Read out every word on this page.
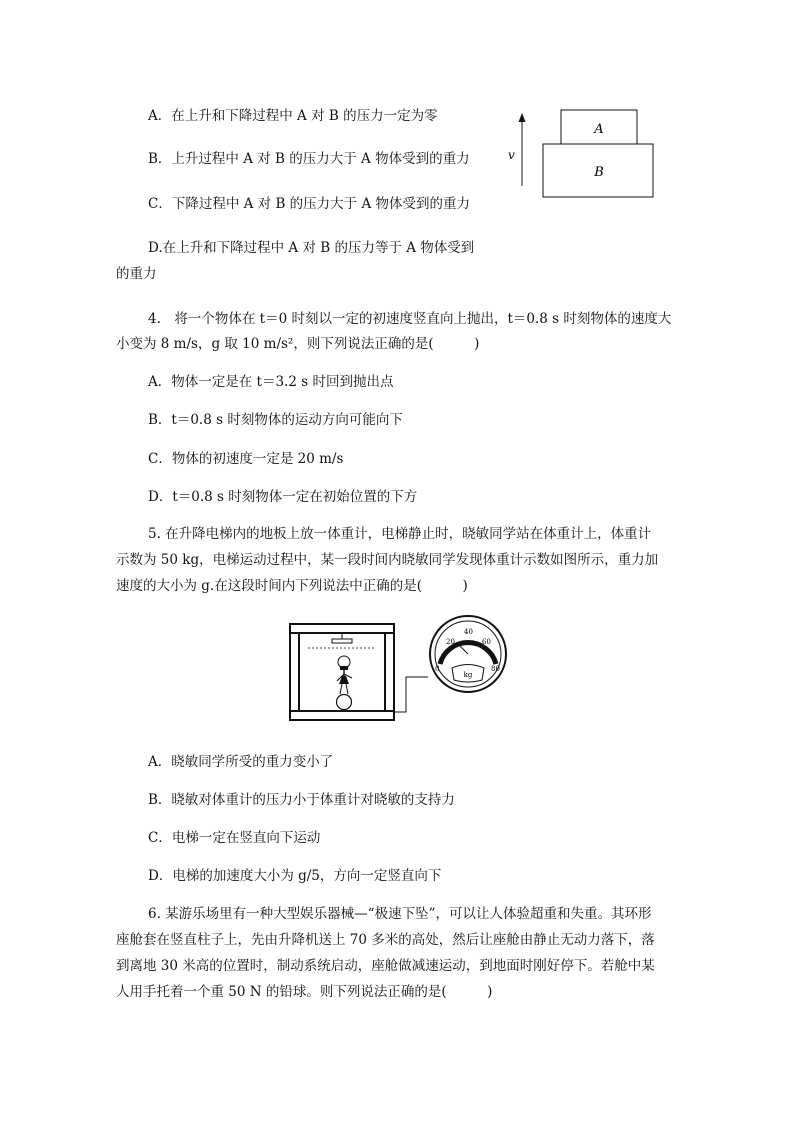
A．在上升和下降过程中 A 对 B 的压力一定为零
B．上升过程中 A 对 B 的压力大于 A 物体受到的重力
C．下降过程中 A 对 B 的压力大于 A 物体受到的重力
D.在上升和下降过程中 A 对 B 的压力等于 A 物体受到
的重力
v
A
B
4.　将一个物体在 t＝0 时刻以一定的初速度竖直向上抛出，t＝0.8 s 时刻物体的速度大
小变为 8 m/s，g 取 10 m/s²，则下列说法正确的是(　　　)
A．物体一定是在 t＝3.2 s 时回到抛出点
B．t＝0.8 s 时刻物体的运动方向可能向下
C．物体的初速度一定是 20 m/s
D．t＝0.8 s 时刻物体一定在初始位置的下方
5. 在升降电梯内的地板上放一体重计，电梯静止时，晓敏同学站在体重计上，体重计
示数为 50 kg，电梯运动过程中，某一段时间内晓敏同学发现体重计示数如图所示，重力加
速度的大小为 g.在这段时间内下列说法中正确的是(　　　)
0
20
40
60
80
kg
A．晓敏同学所受的重力变小了
B．晓敏对体重计的压力小于体重计对晓敏的支持力
C．电梯一定在竖直向下运动
D．电梯的加速度大小为 g/5，方向一定竖直向下
6. 某游乐场里有一种大型娱乐器械—“极速下坠”，可以让人体验超重和失重。其环形
座舱套在竖直柱子上，先由升降机送上 70 多米的高处，然后让座舱由静止无动力落下，落
到离地 30 米高的位置时，制动系统启动，座舱做减速运动，到地面时刚好停下。若舱中某
人用手托着一个重 50 N 的铅球。则下列说法正确的是(　　　)
